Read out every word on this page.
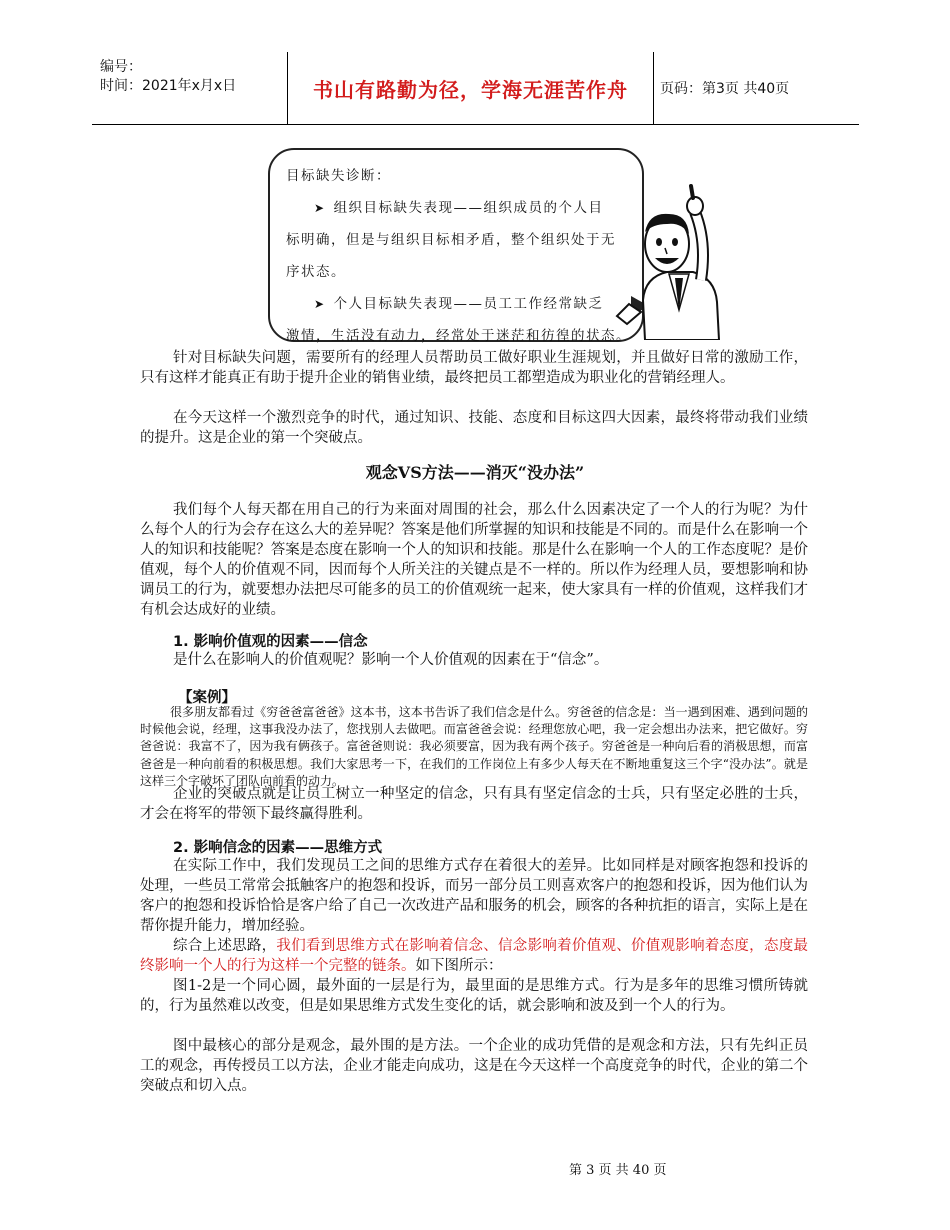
编号：
时间：2021年x月x日	书山有路勤为径，学海无涯苦作舟	页码：第3页 共40页
目标缺失诊断：
➤ 组织目标缺失表现——组织成员的个人目
标明确，但是与组织目标相矛盾，整个组织处于无
序状态。
➤ 个人目标缺失表现——员工工作经常缺乏
激情，生活没有动力，经常处于迷茫和彷徨的状态。
针对目标缺失问题，需要所有的经理人员帮助员工做好职业生涯规划，并且做好日常的激励工作，只有这样才能真正有助于提升企业的销售业绩，最终把员工都塑造成为职业化的营销经理人。
在今天这样一个激烈竞争的时代，通过知识、技能、态度和目标这四大因素，最终将带动我们业绩的提升。这是企业的第一个突破点。
观念VS方法——消灭“没办法”
我们每个人每天都在用自己的行为来面对周围的社会，那么什么因素决定了一个人的行为呢？为什么每个人的行为会存在这么大的差异呢？答案是他们所掌握的知识和技能是不同的。而是什么在影响一个人的知识和技能呢？答案是态度在影响一个人的知识和技能。那是什么在影响一个人的工作态度呢？是价值观，每个人的价值观不同，因而每个人所关注的关键点是不一样的。所以作为经理人员，要想影响和协调员工的行为，就要想办法把尽可能多的员工的价值观统一起来，使大家具有一样的价值观，这样我们才有机会达成好的业绩。
1. 影响价值观的因素——信念
是什么在影响人的价值观呢？影响一个人价值观的因素在于“信念”。
【案例】
很多朋友都看过《穷爸爸富爸爸》这本书，这本书告诉了我们信念是什么。穷爸爸的信念是：当一遇到困难、遇到问题的时候他会说，经理，这事我没办法了，您找别人去做吧。而富爸爸会说：经理您放心吧，我一定会想出办法来，把它做好。穷爸爸说：我富不了，因为我有俩孩子。富爸爸则说：我必须要富，因为我有两个孩子。穷爸爸是一种向后看的消极思想，而富爸爸是一种向前看的积极思想。我们大家思考一下，在我们的工作岗位上有多少人每天在不断地重复这三个字“没办法”。就是这样三个字破坏了团队向前看的动力。
企业的突破点就是让员工树立一种坚定的信念，只有具有坚定信念的士兵，只有坚定必胜的士兵，才会在将军的带领下最终赢得胜利。
2. 影响信念的因素——思维方式
在实际工作中，我们发现员工之间的思维方式存在着很大的差异。比如同样是对顾客抱怨和投诉的处理，一些员工常常会抵触客户的抱怨和投诉，而另一部分员工则喜欢客户的抱怨和投诉，因为他们认为客户的抱怨和投诉恰恰是客户给了自己一次改进产品和服务的机会，顾客的各种抗拒的语言，实际上是在帮你提升能力，增加经验。
综合上述思路，我们看到思维方式在影响着信念、信念影响着价值观、价值观影响着态度，态度最终影响一个人的行为这样一个完整的链条。如下图所示：
图1-2是一个同心圆，最外面的一层是行为，最里面的是思维方式。行为是多年的思维习惯所铸就的，行为虽然难以改变，但是如果思维方式发生变化的话，就会影响和波及到一个人的行为。
图中最核心的部分是观念，最外围的是方法。一个企业的成功凭借的是观念和方法，只有先纠正员工的观念，再传授员工以方法，企业才能走向成功，这是在今天这样一个高度竞争的时代，企业的第二个突破点和切入点。
第 3 页 共 40 页
